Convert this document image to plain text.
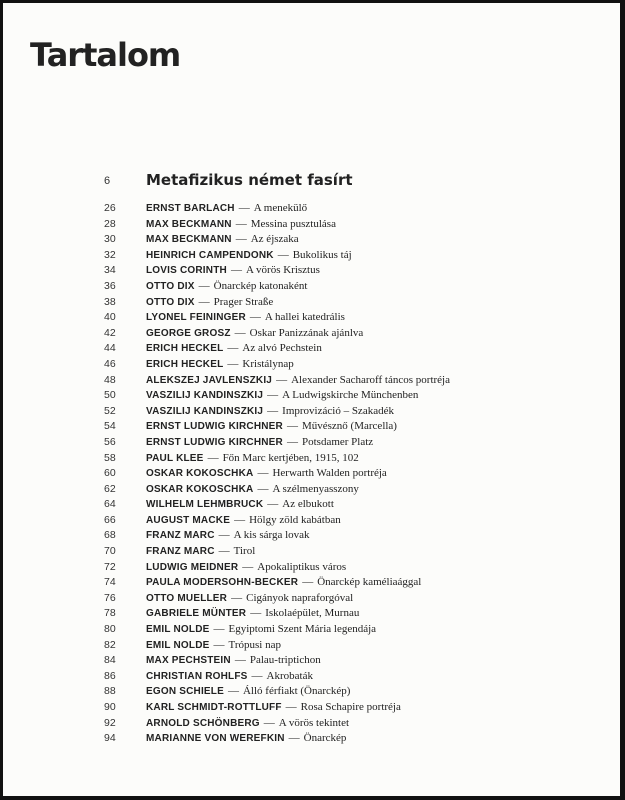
Tartalom
6 Metafizikus német fasírt
26	ERNST BARLACH — A menekülő
28	MAX BECKMANN — Messina pusztulása
30	MAX BECKMANN — Az éjszaka
32	HEINRICH CAMPENDONK — Bukolikus táj
34	LOVIS CORINTH — A vörös Krisztus
36	OTTO DIX — Önarckép katonaként
38	OTTO DIX — Prager Straße
40	LYONEL FEININGER — A hallei katedrális
42	GEORGE GROSZ — Oskar Panizzának ajánlva
44	ERICH HECKEL — Az alvó Pechstein
46	ERICH HECKEL — Kristálynap
48	ALEKSZEJ JAVLENSZKIJ — Alexander Sacharoff táncos portréja
50	VASZILIJ KANDINSZKIJ — A Ludwigskirche Münchenben
52	VASZILIJ KANDINSZKIJ — Improvizáció – Szakadék
54	ERNST LUDWIG KIRCHNER — Művésznő (Marcella)
56	ERNST LUDWIG KIRCHNER — Potsdamer Platz
58	PAUL KLEE — Főn Marc kertjében, 1915, 102
60	OSKAR KOKOSCHKA — Herwarth Walden portréja
62	OSKAR KOKOSCHKA — A szélmenyasszony
64	WILHELM LEHMBRUCK — Az elbukott
66	AUGUST MACKE — Hölgy zöld kabátban
68	FRANZ MARC — A kis sárga lovak
70	FRANZ MARC — Tirol
72	LUDWIG MEIDNER — Apokaliptikus város
74	PAULA MODERSOHN-BECKER — Önarckép kaméliaággal
76	OTTO MUELLER — Cigányok napraforgóval
78	GABRIELE MÜNTER — Iskolaépület, Murnau
80	EMIL NOLDE — Egyiptomi Szent Mária legendája
82	EMIL NOLDE — Trópusi nap
84	MAX PECHSTEIN — Palau-triptichon
86	CHRISTIAN ROHLFS — Akrobaták
88	EGON SCHIELE — Álló férfiakt (Önarckép)
90	KARL SCHMIDT-ROTTLUFF — Rosa Schapire portréja
92	ARNOLD SCHÖNBERG — A vörös tekintet
94	MARIANNE VON WEREFKIN — Önarckép
